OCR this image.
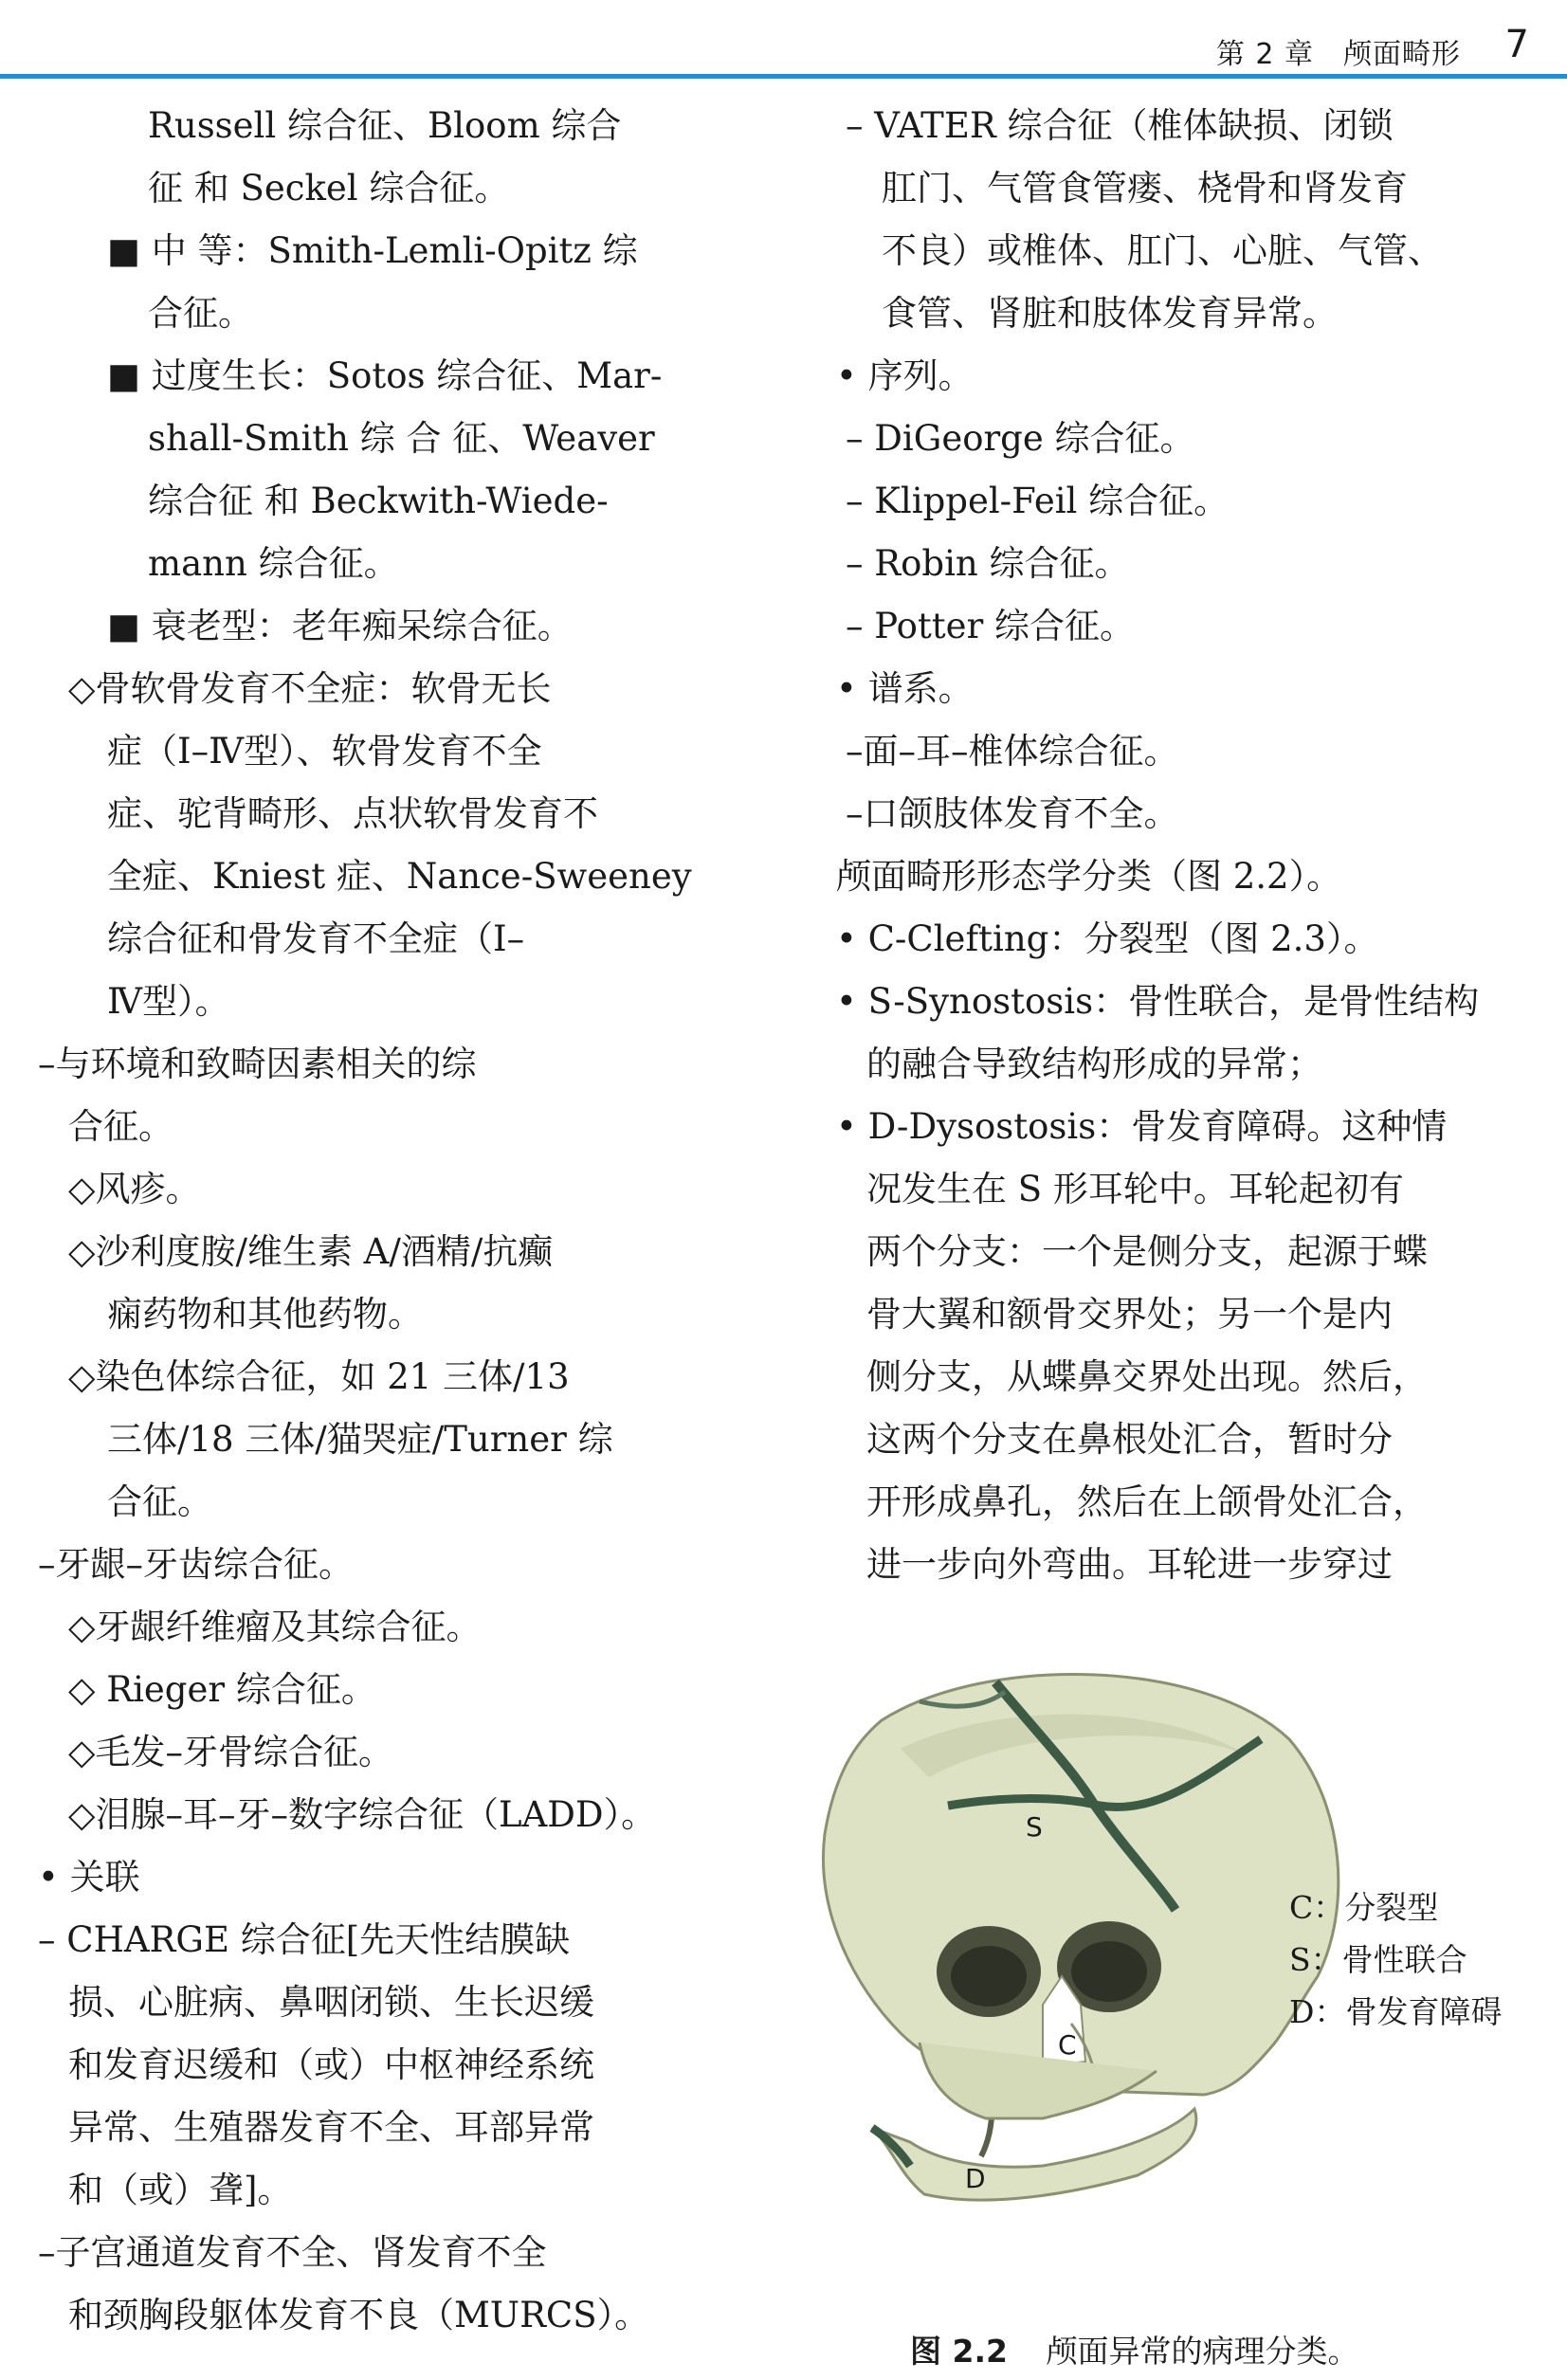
第 2 章　颅面畸形 7
Russell 综合征、Bloom 综合
征 和 Seckel 综合征。
■ 中 等：Smith-Lemli-Opitz 综
合征。
■ 过度生长：Sotos 综合征、Mar-
shall-Smith 综 合 征、Weaver
综合征 和 Beckwith-Wiede-
mann 综合征。
■ 衰老型：老年痴呆综合征。
◇骨软骨发育不全症：软骨无长
症（Ⅰ–Ⅳ型）、软骨发育不全
症、驼背畸形、点状软骨发育不
全症、Kniest 症、Nance-Sweeney
综合征和骨发育不全症（Ⅰ–
Ⅳ型）。
–与环境和致畸因素相关的综
合征。
◇风疹。
◇沙利度胺/维生素 A/酒精/抗癫
痫药物和其他药物。
◇染色体综合征，如 21 三体/13
三体/18 三体/猫哭症/Turner 综
合征。
–牙龈–牙齿综合征。
◇牙龈纤维瘤及其综合征。
◇ Rieger 综合征。
◇毛发–牙骨综合征。
◇泪腺–耳–牙–数字综合征（LADD）。
• 关联
– CHARGE 综合征[先天性结膜缺
损、心脏病、鼻咽闭锁、生长迟缓
和发育迟缓和（或）中枢神经系统
异常、生殖器发育不全、耳部异常
和（或）聋]。
–子宫通道发育不全、肾发育不全
和颈胸段躯体发育不良（MURCS）。
– VATER 综合征（椎体缺损、闭锁
肛门、气管食管瘘、桡骨和肾发育
不良）或椎体、肛门、心脏、气管、
食管、肾脏和肢体发育异常。
• 序列。
– DiGeorge 综合征。
– Klippel-Feil 综合征。
– Robin 综合征。
– Potter 综合征。
• 谱系。
–面–耳–椎体综合征。
–口颌肢体发育不全。
颅面畸形形态学分类（图 2.2）。
• C-Clefting：分裂型（图 2.3）。
• S-Synostosis：骨性联合，是骨性结构
的融合导致结构形成的异常；
• D-Dysostosis：骨发育障碍。这种情
况发生在 S 形耳轮中。耳轮起初有
两个分支：一个是侧分支，起源于蝶
骨大翼和额骨交界处；另一个是内
侧分支，从蝶鼻交界处出现。然后，
这两个分支在鼻根处汇合，暂时分
开形成鼻孔，然后在上颌骨处汇合，
进一步向外弯曲。耳轮进一步穿过
S
C
D
C：分裂型
S：骨性联合
D：骨发育障碍
图 2.2 颅面异常的病理分类。
